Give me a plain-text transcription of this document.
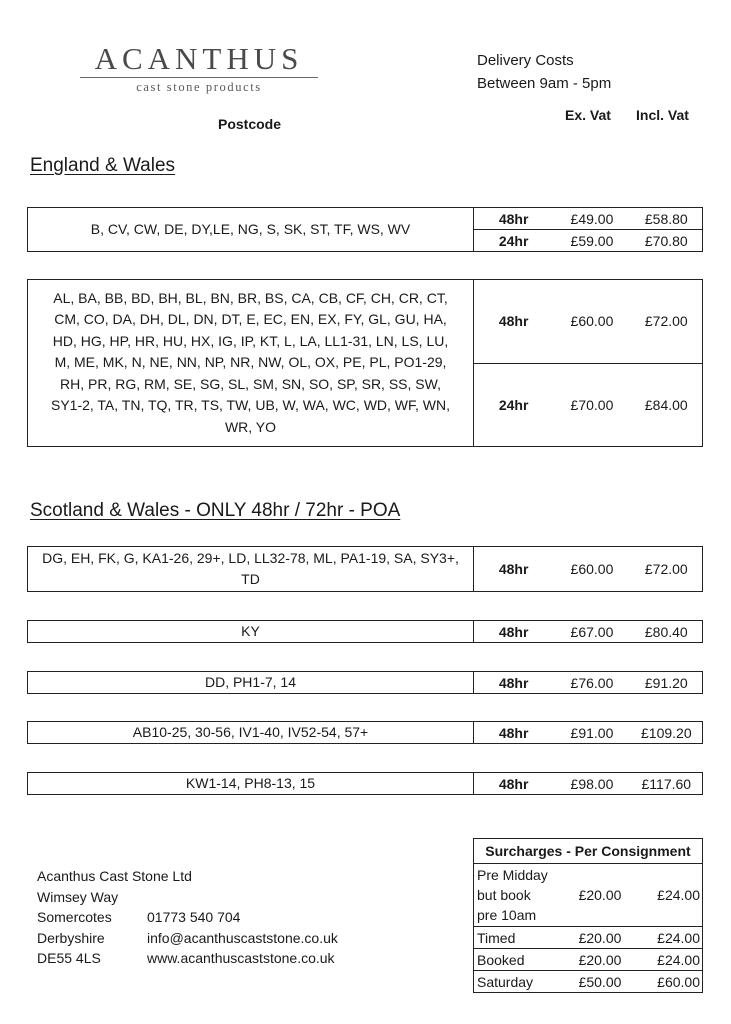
ACANTHUS
cast stone products
Delivery Costs
Between 9am - 5pm
Postcode
Ex. Vat Incl. Vat
England & Wales
B, CV, CW, DE, DY,LE, NG, S, SK, ST, TF, WS, WV
48hr	£49.00	£58.80
24hr	£59.00	£70.80
AL, BA, BB, BD, BH, BL, BN, BR, BS, CA, CB, CF, CH, CR, CT, CM, CO, DA, DH, DL, DN, DT, E, EC, EN, EX, FY, GL, GU, HA, HD, HG, HP, HR, HU, HX, IG, IP, KT, L, LA, LL1-31, LN, LS, LU, M, ME, MK, N, NE, NN, NP, NR, NW, OL, OX, PE, PL, PO1-29, RH, PR, RG, RM, SE, SG, SL, SM, SN, SO, SP, SR, SS, SW, SY1-2, TA, TN, TQ, TR, TS, TW, UB, W, WA, WC, WD, WF, WN, WR, YO
48hr	£60.00	£72.00
24hr	£70.00	£84.00
Scotland & Wales - ONLY 48hr / 72hr - POA
DG, EH, FK, G, KA1-26, 29+, LD, LL32-78, ML, PA1-19, SA, SY3+, TD
48hr	£60.00	£72.00
KY	48hr	£67.00	£80.40
DD, PH1-7, 14	48hr	£76.00	£91.20
AB10-25, 30-56, IV1-40, IV52-54, 57+	48hr	£91.00	£109.20
KW1-14, PH8-13, 15	48hr	£98.00	£117.60
Acanthus Cast Stone Ltd
Wimsey Way
Somercotes	01773 540 704
Derbyshire	info@acanthuscaststone.co.uk
DE55 4LS	www.acanthuscaststone.co.uk
Surcharges - Per Consignment
Pre Midday
but book
pre 10am
£20.00	£24.00
Timed	£20.00	£24.00
Booked	£20.00	£24.00
Saturday	£50.00	£60.00
